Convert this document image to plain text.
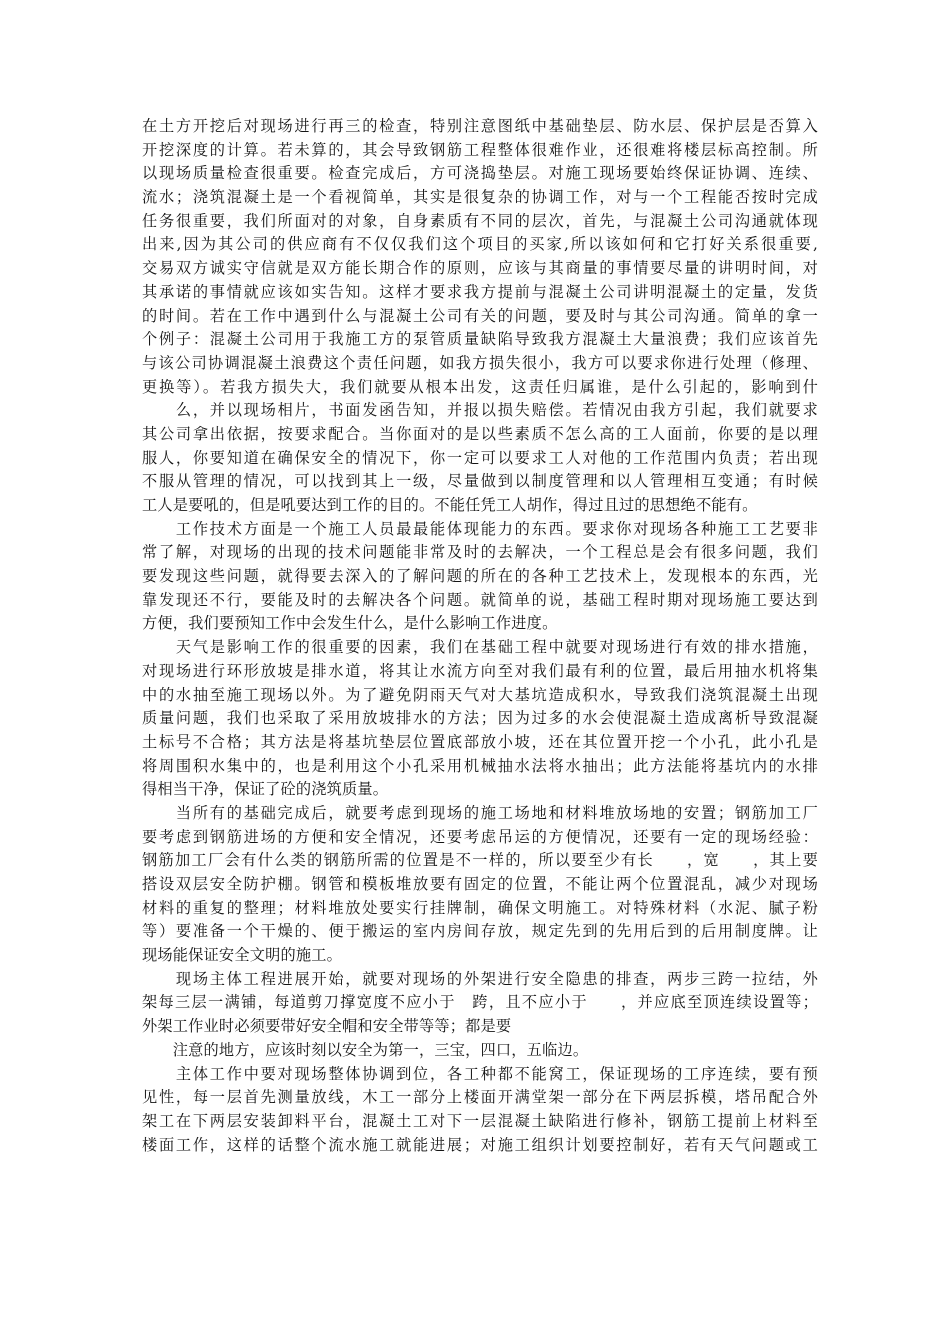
在土方开挖后对现场进行再三的检查，特别注意图纸中基础垫层、防水层、保护层是否算入
开挖深度的计算。若未算的，其会导致钢筋工程整体很难作业，还很难将楼层标高控制。所
以现场质量检查很重要。检查完成后，方可浇捣垫层。对施工现场要始终保证协调、连续、
流水；浇筑混凝土是一个看视简单，其实是很复杂的协调工作，对与一个工程能否按时完成
任务很重要，我们所面对的对象，自身素质有不同的层次，首先，与混凝土公司沟通就体现
出来,因为其公司的供应商有不仅仅我们这个项目的买家,所以该如何和它打好关系很重要,
交易双方诚实守信就是双方能长期合作的原则，应该与其商量的事情要尽量的讲明时间，对
其承诺的事情就应该如实告知。这样才要求我方提前与混凝土公司讲明混凝土的定量，发货
的时间。若在工作中遇到什么与混凝土公司有关的问题，要及时与其公司沟通。简单的拿一
个例子：混凝土公司用于我施工方的泵管质量缺陷导致我方混凝土大量浪费；我们应该首先
与该公司协调混凝土浪费这个责任问题，如我方损失很小，我方可以要求你进行处理（修理、
更换等）。若我方损失大，我们就要从根本出发，这责任归属谁，是什么引起的，影响到什
　　么，并以现场相片，书面发函告知，并报以损失赔偿。若情况由我方引起，我们就要求
其公司拿出依据，按要求配合。当你面对的是以些素质不怎么高的工人面前，你要的是以理
服人，你要知道在确保安全的情况下，你一定可以要求工人对他的工作范围内负责；若出现
不服从管理的情况，可以找到其上一级，尽量做到以制度管理和以人管理相互变通；有时候
工人是要吼的，但是吼要达到工作的目的。不能任凭工人胡作，得过且过的思想绝不能有。
　　工作技术方面是一个施工人员最最能体现能力的东西。要求你对现场各种施工工艺要非
常了解，对现场的出现的技术问题能非常及时的去解决，一个工程总是会有很多问题，我们
要发现这些问题，就得要去深入的了解问题的所在的各种工艺技术上，发现根本的东西，光
靠发现还不行，要能及时的去解决各个问题。就简单的说，基础工程时期对现场施工要达到
方便，我们要预知工作中会发生什么，是什么影响工作进度。
　　天气是影响工作的很重要的因素，我们在基础工程中就要对现场进行有效的排水措施，
对现场进行环形放坡是排水道，将其让水流方向至对我们最有利的位置，最后用抽水机将集
中的水抽至施工现场以外。为了避免阴雨天气对大基坑造成积水，导致我们浇筑混凝土出现
质量问题，我们也采取了采用放坡排水的方法；因为过多的水会使混凝土造成离析导致混凝
土标号不合格；其方法是将基坑垫层位置底部放小坡，还在其位置开挖一个小孔，此小孔是
将周围积水集中的，也是利用这个小孔采用机械抽水法将水抽出；此方法能将基坑内的水排
得相当干净，保证了砼的浇筑质量。
　　当所有的基础完成后，就要考虑到现场的施工场地和材料堆放场地的安置；钢筋加工厂
要考虑到钢筋进场的方便和安全情况，还要考虑吊运的方便情况，还要有一定的现场经验：
钢筋加工厂会有什么类的钢筋所需的位置是不一样的，所以要至少有长　　，宽　　，其上要
搭设双层安全防护棚。钢管和模板堆放要有固定的位置，不能让两个位置混乱，减少对现场
材料的重复的整理；材料堆放处要实行挂牌制，确保文明施工。对特殊材料（水泥、腻子粉
等）要准备一个干燥的、便于搬运的室内房间存放，规定先到的先用后到的后用制度牌。让
现场能保证安全文明的施工。
　　现场主体工程进展开始，就要对现场的外架进行安全隐患的排查，两步三跨一拉结，外
架每三层一满铺，每道剪刀撑宽度不应小于　跨，且不应小于　　，并应底至顶连续设置等；
外架工作业时必须要带好安全帽和安全带等等；都是要
　　注意的地方，应该时刻以安全为第一，三宝，四口，五临边。
　　主体工作中要对现场整体协调到位，各工种都不能窝工，保证现场的工序连续，要有预
见性，每一层首先测量放线，木工一部分上楼面开满堂架一部分在下两层拆模，塔吊配合外
架工在下两层安装卸料平台，混凝土工对下一层混凝土缺陷进行修补，钢筋工提前上材料至
楼面工作，这样的话整个流水施工就能进展；对施工组织计划要控制好，若有天气问题或工
